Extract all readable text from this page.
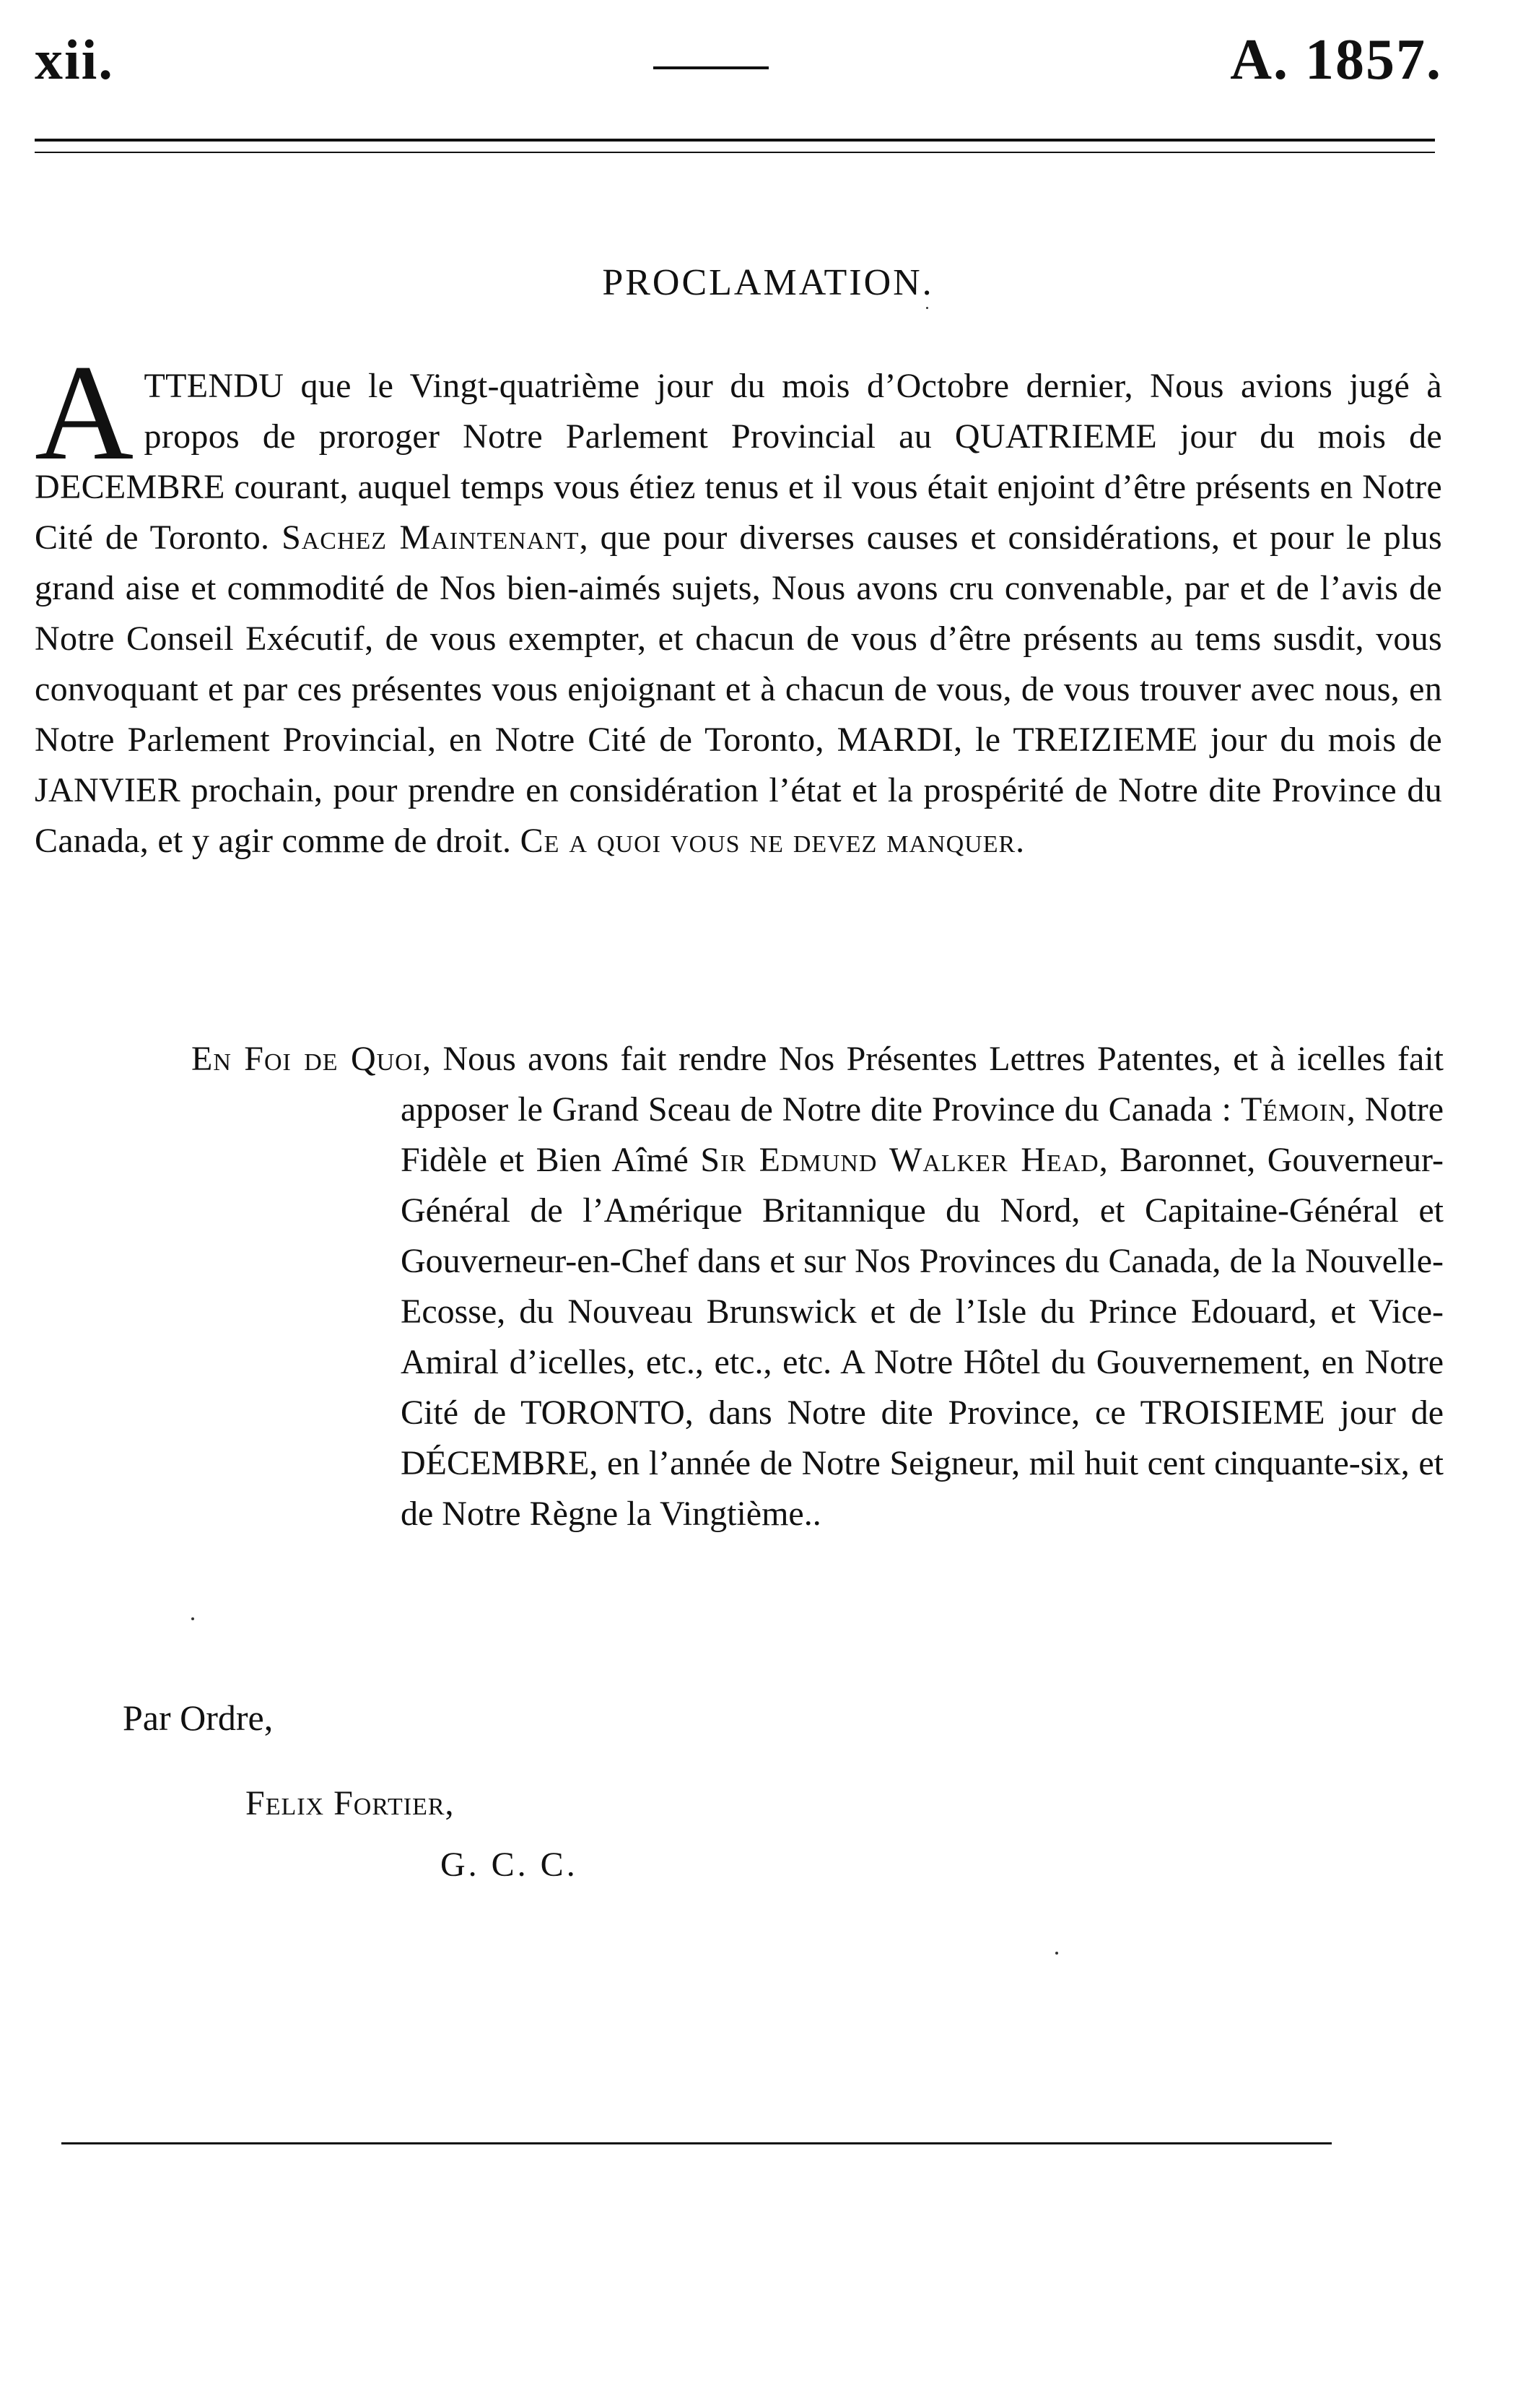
xii.	A. 1857.
PROCLAMATION.
ATTENDU que le Vingt-quatrième jour du mois d’Octobre dernier, Nous avions jugé à propos de proroger Notre Parlement Provincial au QUATRIEME jour du mois de DECEMBRE courant, auquel temps vous étiez tenus et il vous était enjoint d’être présents en Notre Cité de Toronto. Sachez Maintenant, que pour diverses causes et considérations, et pour le plus grand aise et commodité de Nos bien-aimés sujets, Nous avons cru convenable, par et de l’avis de Notre Conseil Exécutif, de vous exempter, et chacun de vous d’être présents au tems susdit, vous convoquant et par ces présentes vous enjoignant et à chacun de vous, de vous trouver avec nous, en Notre Parlement Provincial, en Notre Cité de Toronto, MARDI, le TREIZIEME jour du mois de JANVIER prochain, pour prendre en considération l’état et la prospérité de Notre dite Province du Canada, et y agir comme de droit. Ce a quoi vous ne devez manquer.
En Foi de Quoi, Nous avons fait rendre Nos Présentes Lettres Patentes, et à icelles fait apposer le Grand Sceau de Notre dite Province du Canada : Témoin, Notre Fidèle et Bien Aîmé Sir Edmund Walker Head, Baronnet, Gouverneur-Général de l’Amérique Britannique du Nord, et Capitaine-Général et Gouverneur-en-Chef dans et sur Nos Provinces du Canada, de la Nouvelle-Ecosse, du Nouveau Brunswick et de l’Isle du Prince Edouard, et Vice-Amiral d’icelles, etc., etc., etc. A Notre Hôtel du Gouvernement, en Notre Cité de TORONTO, dans Notre dite Province, ce TROISIEME jour de DÉCEMBRE, en l’année de Notre Seigneur, mil huit cent cinquante-six, et de Notre Règne la Vingtième..
Par Ordre,
Felix Fortier,
G. C. C.
